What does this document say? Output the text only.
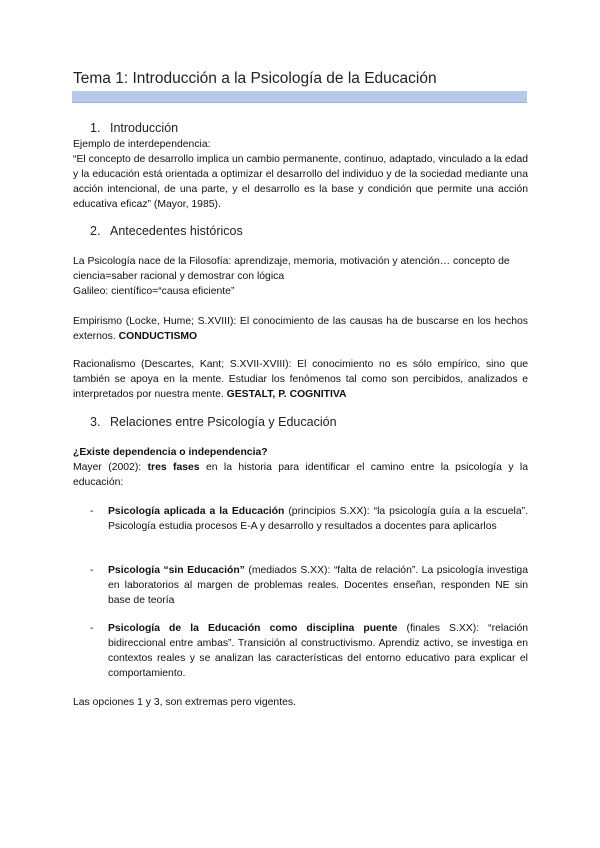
Tema 1: Introducción a la Psicología de la Educación
1. Introducción
Ejemplo de interdependencia:
“El concepto de desarrollo implica un cambio permanente, continuo, adaptado, vinculado a la edad y la educación está orientada a optimizar el desarrollo del individuo y de la sociedad mediante una acción intencional, de una parte, y el desarrollo es la base y condición que permite una acción educativa eficaz” (Mayor, 1985).
2. Antecedentes históricos
La Psicología nace de la Filosofía: aprendizaje, memoria, motivación y atención… concepto de ciencia=saber racional y demostrar con lógica
Galileo: científico=“causa eficiente”
Empirismo (Locke, Hume; S.XVIII): El conocimiento de las causas ha de buscarse en los hechos externos. CONDUCTISMO
Racionalismo (Descartes, Kant; S.XVII-XVIII): El conocimiento no es sólo empírico, sino que también se apoya en la mente. Estudiar los fenómenos tal como son percibidos, analizados e interpretados por nuestra mente. GESTALT, P. COGNITIVA
3. Relaciones entre Psicología y Educación
¿Existe dependencia o independencia?
Mayer (2002): tres fases en la historia para identificar el camino entre la psicología y la educación:
- Psicología aplicada a la Educación (principios S.XX): “la psicología guía a la escuela”. Psicología estudia procesos E-A y desarrollo y resultados a docentes para aplicarlos
- Psicología “sin Educación” (mediados S.XX): “falta de relación”. La psicología investiga en laboratorios al margen de problemas reales. Docentes enseñan, responden NE sin base de teoría
- Psicología de la Educación como disciplina puente (finales S.XX): “relación bidireccional entre ambas”. Transición al constructivismo. Aprendiz activo, se investiga en contextos reales y se analizan las características del entorno educativo para explicar el comportamiento.
Las opciones 1 y 3, son extremas pero vigentes.
